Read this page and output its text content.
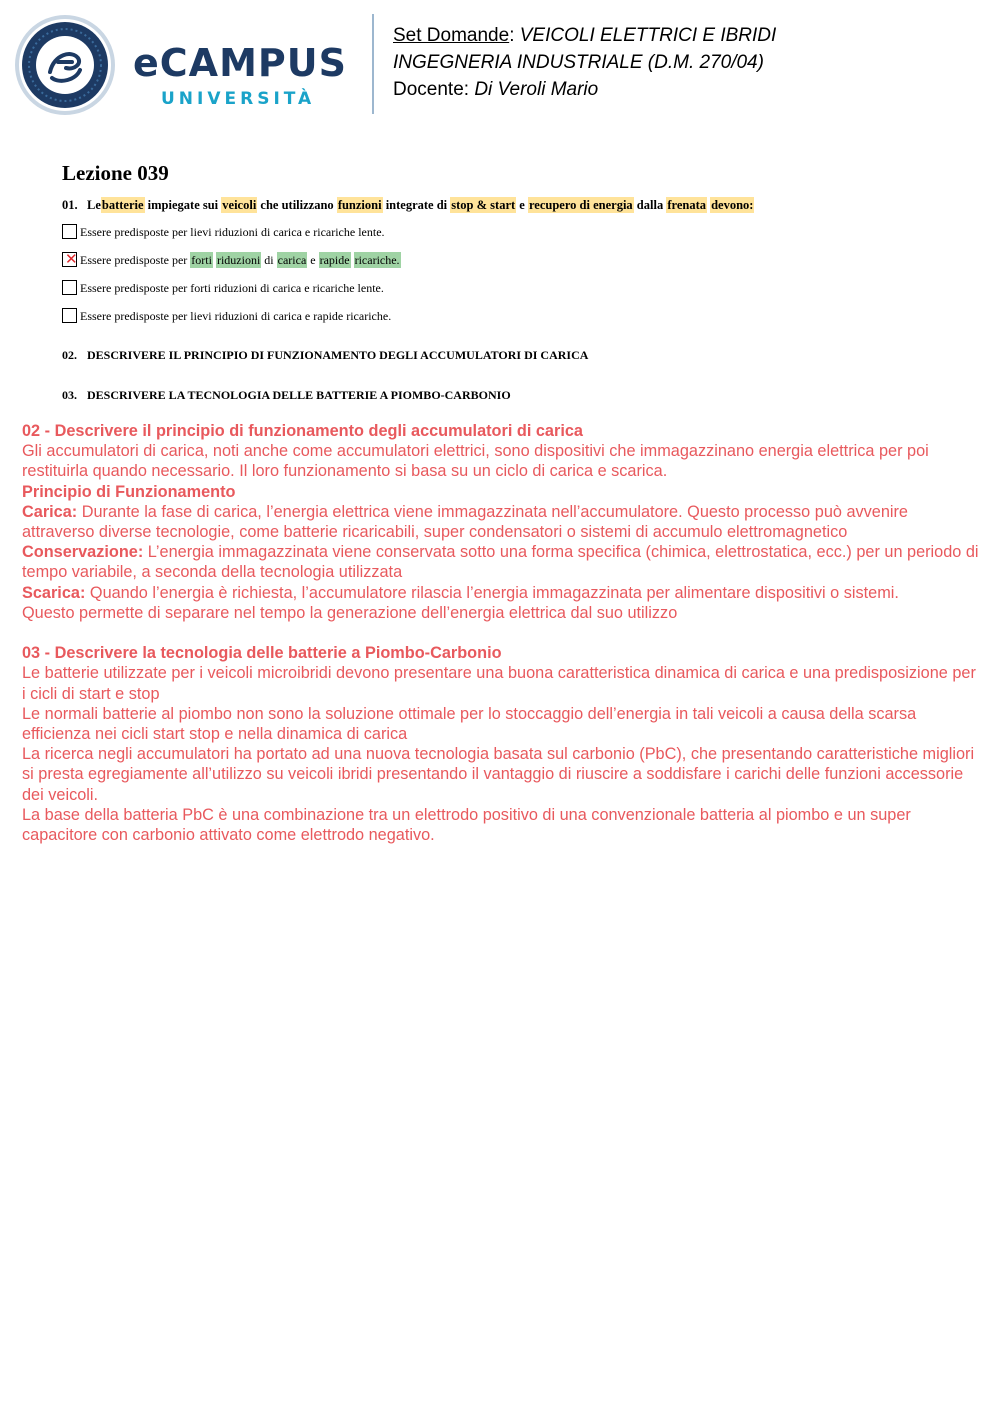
eCAMPUS
UNIVERSITÀ
Set Domande: VEICOLI ELETTRICI E IBRIDI
INGEGNERIA INDUSTRIALE (D.M. 270/04)
Docente: Di Veroli Mario
Lezione 039
01. Lebatterie impiegate sui veicoli che utilizzano funzioni integrate di stop & start e recupero di energia dalla frenata devono:
Essere predisposte per lievi riduzioni di carica e ricariche lente.
✕ Essere predisposte per forti riduzioni di carica e rapide ricariche.
Essere predisposte per forti riduzioni di carica e ricariche lente.
Essere predisposte per lievi riduzioni di carica e rapide ricariche.
02. DESCRIVERE IL PRINCIPIO DI FUNZIONAMENTO DEGLI ACCUMULATORI DI CARICA
03. DESCRIVERE LA TECNOLOGIA DELLE BATTERIE A PIOMBO-CARBONIO
02 - Descrivere il principio di funzionamento degli accumulatori di carica
Gli accumulatori di carica, noti anche come accumulatori elettrici, sono dispositivi che immagazzinano energia elettrica per poi restituirla quando necessario. Il loro funzionamento si basa su un ciclo di carica e scarica.
Principio di Funzionamento
Carica: Durante la fase di carica, l’energia elettrica viene immagazzinata nell’accumulatore. Questo processo può avvenire attraverso diverse tecnologie, come batterie ricaricabili, super condensatori o sistemi di accumulo elettromagnetico
Conservazione: L’energia immagazzinata viene conservata sotto una forma specifica (chimica, elettrostatica, ecc.) per un periodo di tempo variabile, a seconda della tecnologia utilizzata
Scarica: Quando l’energia è richiesta, l’accumulatore rilascia l’energia immagazzinata per alimentare dispositivi o sistemi.
Questo permette di separare nel tempo la generazione dell’energia elettrica dal suo utilizzo
03 - Descrivere la tecnologia delle batterie a Piombo-Carbonio
Le batterie utilizzate per i veicoli microibridi devono presentare una buona caratteristica dinamica di carica e una predisposizione per i cicli di start e stop
Le normali batterie al piombo non sono la soluzione ottimale per lo stoccaggio dell’energia in tali veicoli a causa della scarsa efficienza nei cicli start stop e nella dinamica di carica
La ricerca negli accumulatori ha portato ad una nuova tecnologia basata sul carbonio (PbC), che presentando caratteristiche migliori si presta egregiamente all’utilizzo su veicoli ibridi presentando il vantaggio di riuscire a soddisfare i carichi delle funzioni accessorie dei veicoli.
La base della batteria PbC è una combinazione tra un elettrodo positivo di una convenzionale batteria al piombo e un super capacitore con carbonio attivato come elettrodo negativo.
